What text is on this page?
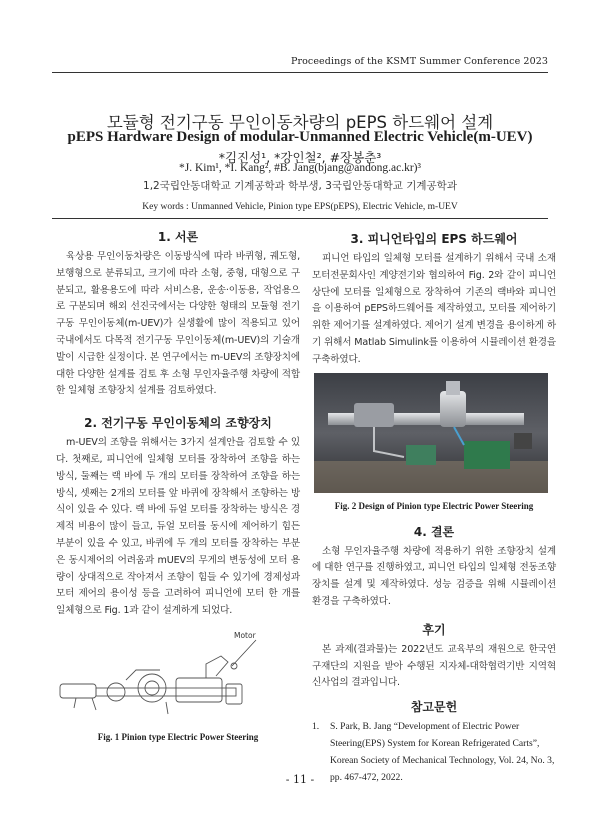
Proceedings of the KSMT Summer Conference 2023
모듈형 전기구동 무인이동차량의 pEPS 하드웨어 설계
pEPS Hardware Design of modular-Unmanned Electric Vehicle(m-UEV)
*김진성¹, *강인철², #장봉춘³
*J. Kim¹, *I. Kang², #B. Jang(bjang@andong.ac.kr)³
1,2국립안동대학교 기계공학과 학부생, 3국립안동대학교 기계공학과
Key words : Unmanned Vehicle, Pinion type EPS(pEPS), Electric Vehicle, m-UEV
1. 서론

육상용 무인이동차량은 이동방식에 따라 바퀴형, 궤도형, 보행형으로 분류되고, 크기에 따라 소형, 중형, 대형으로 구분되고, 활용용도에 따라 서비스용, 운송·이동용, 작업용으로 구분되며 해외 선진국에서는 다양한 형태의 모듈형 전기구동 무인이동체(m-UEV)가 실생활에 많이 적용되고 있어 국내에서도 다목적 전기구동 무인이동체(m-UEV)의 기술개발이 시급한 실정이다. 본 연구에서는 m-UEV의 조향장치에 대한 다양한 설계를 검토 후 소형 무인자율주행 차량에 적합한 일체형 조향장치 설계를 검토하였다.

2. 전기구동 무인이동체의 조향장치

m-UEV의 조향을 위해서는 3가지 설계안을 검토할 수 있다. 첫째로, 피니언에 일체형 모터를 장착하여 조향을 하는 방식, 둘째는 랙 바에 두 개의 모터를 장착하여 조향을 하는 방식, 셋째는 2개의 모터를 앞 바퀴에 장착해서 조향하는 방식이 있을 수 있다. 랙 바에 듀얼 모터를 장착하는 방식은 경제적 비용이 많이 들고, 듀얼 모터를 동시에 제어하기 힘든 부분이 있을 수 있고, 바퀴에 두 개의 모터를 장착하는 부분은 동시제어의 어려움과 mUEV의 무게의 변동성에 모터 용량이 상대적으로 작아져서 조향이 힘들 수 있기에 경제성과 모터 제어의 용이성 등을 고려하여 피니언에 모터 한 개를 일체형으로 Fig. 1과 같이 설계하게 되었다.

Motor
Fig. 1 Pinion type Electric Power Steering
3. 피니언타입의 EPS 하드웨어

피니언 타입의 일체형 모터를 설계하기 위해서 국내 소재 모터전문회사인 계양전기와 협의하여 Fig. 2와 같이 피니언 상단에 모터를 일체형으로 장착하여 기존의 랙바와 피니언을 이용하여 pEPS하드웨어를 제작하였고, 모터를 제어하기 위한 제어기를 설계하였다. 제어기 설계 변경을 용이하게 하기 위해서 Matlab Simulink를 이용하여 시뮬레이션 환경을 구축하였다.

Fig. 2 Design of Pinion type Electric Power Steering
4. 결론

소형 무인자율주행 차량에 적용하기 위한 조향장치 설계에 대한 연구를 진행하였고, 피니언 타입의 일체형 전동조향장치를 설계 및 제작하였다. 성능 검증을 위해 시뮬레이션 환경을 구축하였다.

후기

본 과제(결과물)는 2022년도 교육부의 재원으로 한국연구재단의 지원을 받아 수행된 지자체-대학협력기반 지역혁신사업의 결과입니다.

참고문헌
1.	S. Park, B. Jang “Development of Electric Power Steering(EPS) System for Korean Refrigerated Carts”, Korean Society of Mechanical Technology, Vol. 24, No. 3, pp. 467-472, 2022.
- 11 -
